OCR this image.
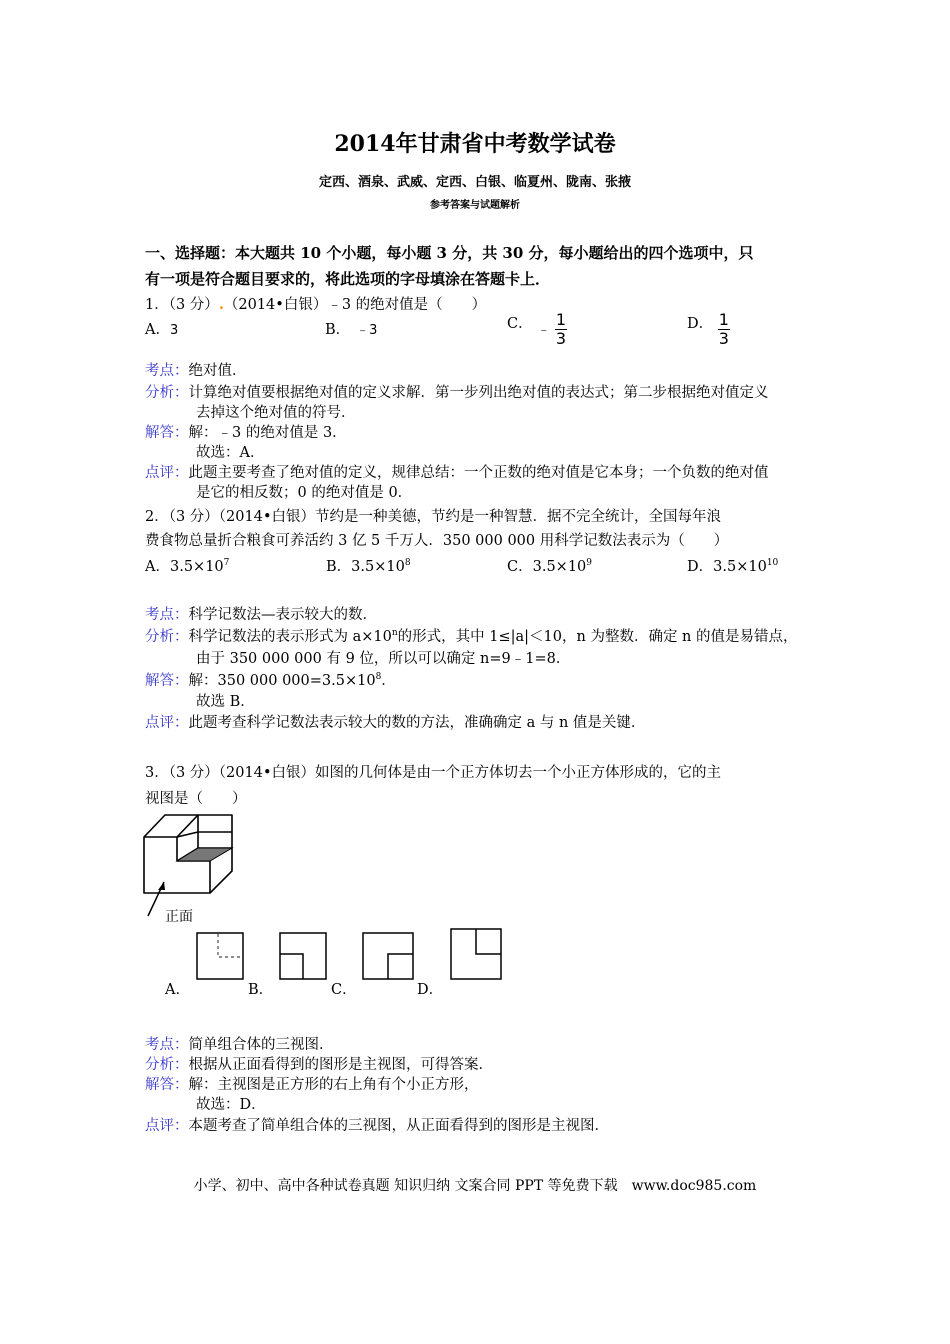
2014年甘肃省中考数学试卷
定西、酒泉、武威、定西、白银、临夏州、陇南、张掖
参考答案与试题解析
一、选择题：本大题共 10 个小题，每小题 3 分，共 30 分，每小题给出的四个选项中，只
有一项是符合题目要求的，将此选项的字母填涂在答题卡上．
1．（3 分）.（2014•白银）﹣3 的绝对值是（　　）
A．3	B． ﹣3	C． ﹣ $\frac{1}{3}$	D． $\frac{1}{3}$
考点：绝对值．
分析：计算绝对值要根据绝对值的定义求解．第一步列出绝对值的表达式；第二步根据绝对值定义
去掉这个绝对值的符号．
解答：解：﹣3 的绝对值是 3．
故选：A．
点评：此题主要考查了绝对值的定义，规律总结：一个正数的绝对值是它本身；一个负数的绝对值
是它的相反数；0 的绝对值是 0．
2．（3 分）（2014•白银）节约是一种美德，节约是一种智慧．据不完全统计，全国每年浪
费食物总量折合粮食可养活约 3 亿 5 千万人．350 000 000 用科学记数法表示为（　　）
A．$3.5\times 10^7$	B．$3.5\times 10^8$	C．$3.5\times 10^9$	D．$3.5\times 10^{10}$
考点：科学记数法—表示较大的数．
分析：科学记数法的表示形式为 $a\times 10^n$的形式，其中 1≤|a|＜10，n 为整数．确定 n 的值是易错点，
由于 350 000 000 有 9 位，所以可以确定 n=9﹣1=8．
解答：解：350 000 $000=3.5\times 10^8$．
故选 B．
点评：此题考查科学记数法表示较大的数的方法，准确确定 a 与 n 值是关键．
3．（3 分）（2014•白银）如图的几何体是由一个正方体切去一个小正方体形成的，它的主
视图是（　　）
正面
A．	B．	C．	D．
考点：简单组合体的三视图．
分析：根据从正面看得到的图形是主视图，可得答案．
解答：解：主视图是正方形的右上角有个小正方形，
故选：D．
点评：本题考查了简单组合体的三视图，从正面看得到的图形是主视图．
小学、初中、高中各种试卷真题 知识归纳 文案合同 PPT 等免费下载　www.doc985.com
